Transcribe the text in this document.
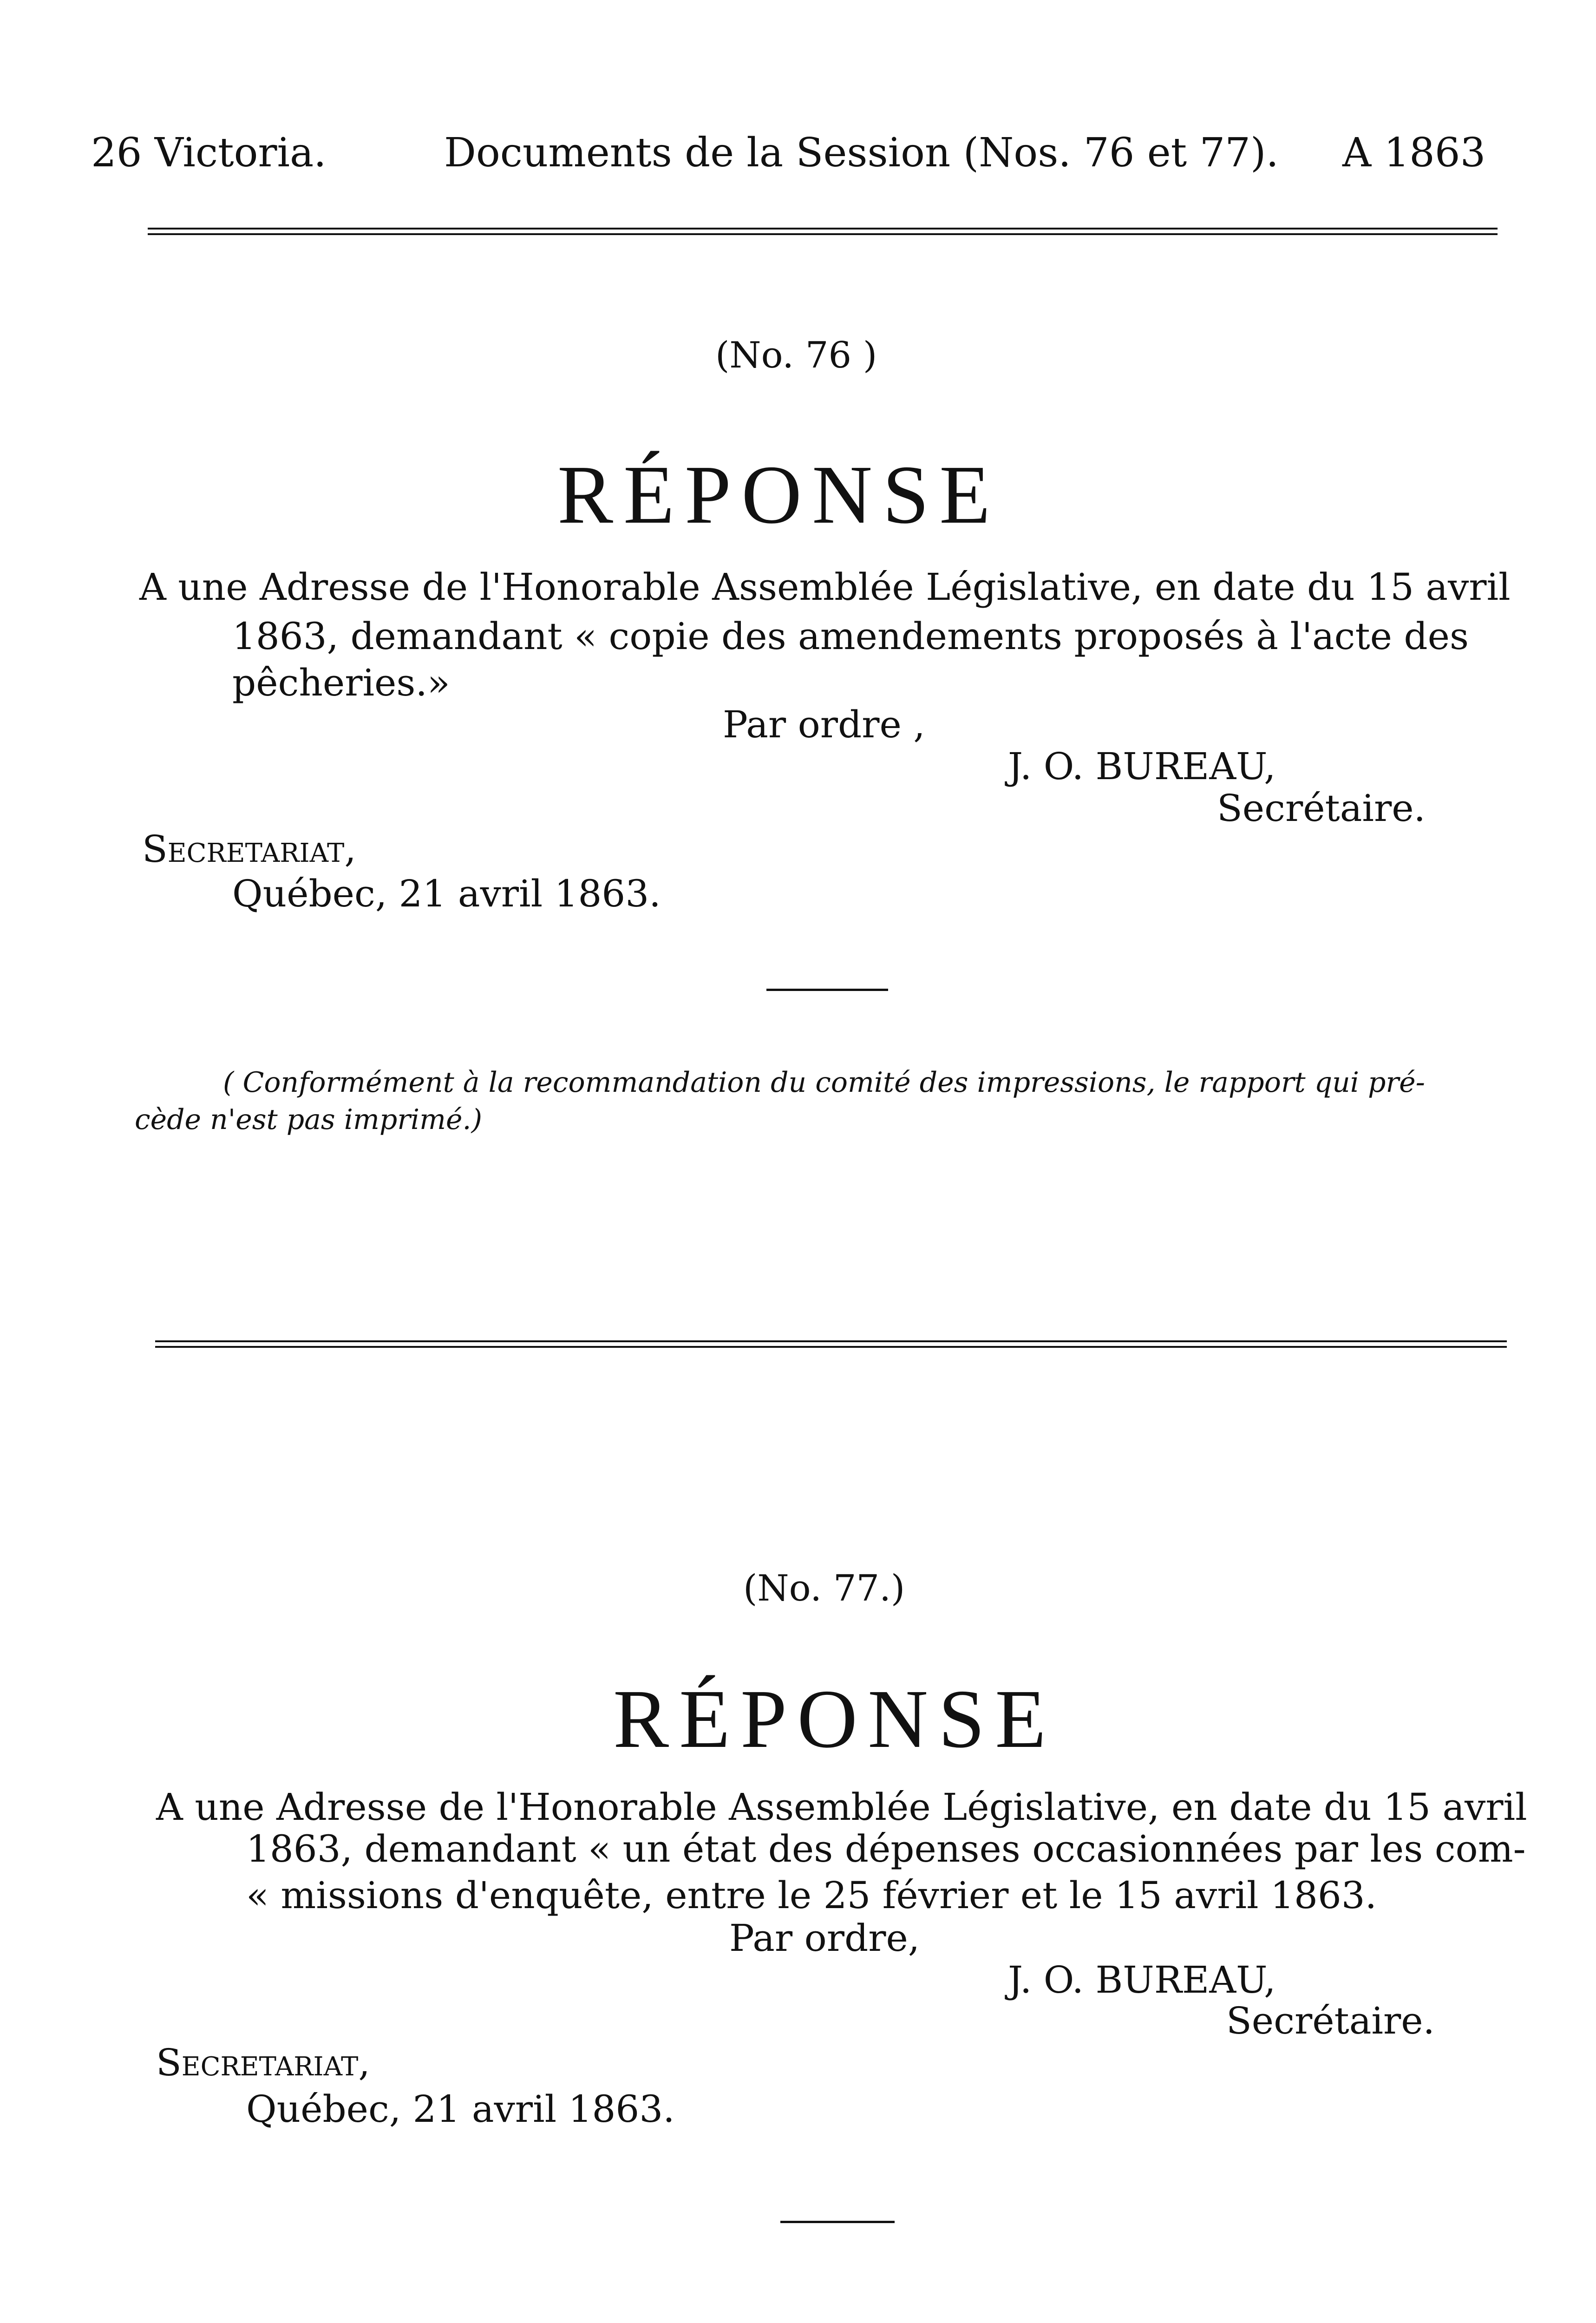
26 Victoria.	Documents de la Session (Nos. 76 et 77). A 1863
(No. 76 )
RÉPONSE
A une Adresse de l'Honorable Assemblée Législative, en date du 15 avril
1863, demandant « copie des amendements proposés à l'acte des
pêcheries.»
Par ordre ,
J. O. BUREAU,
Secrétaire.
Secretariat,
Québec, 21 avril 1863.
( Conformément à la recommandation du comité des impressions, le rapport qui pré-
cède n'est pas imprimé.)
(No. 77.)
RÉPONSE
A une Adresse de l'Honorable Assemblée Législative, en date du 15 avril
1863, demandant « un état des dépenses occasionnées par les com-
« missions d'enquête, entre le 25 février et le 15 avril 1863.
Par ordre,
J. O. BUREAU,
Secrétaire.
Secretariat,
Québec, 21 avril 1863.
